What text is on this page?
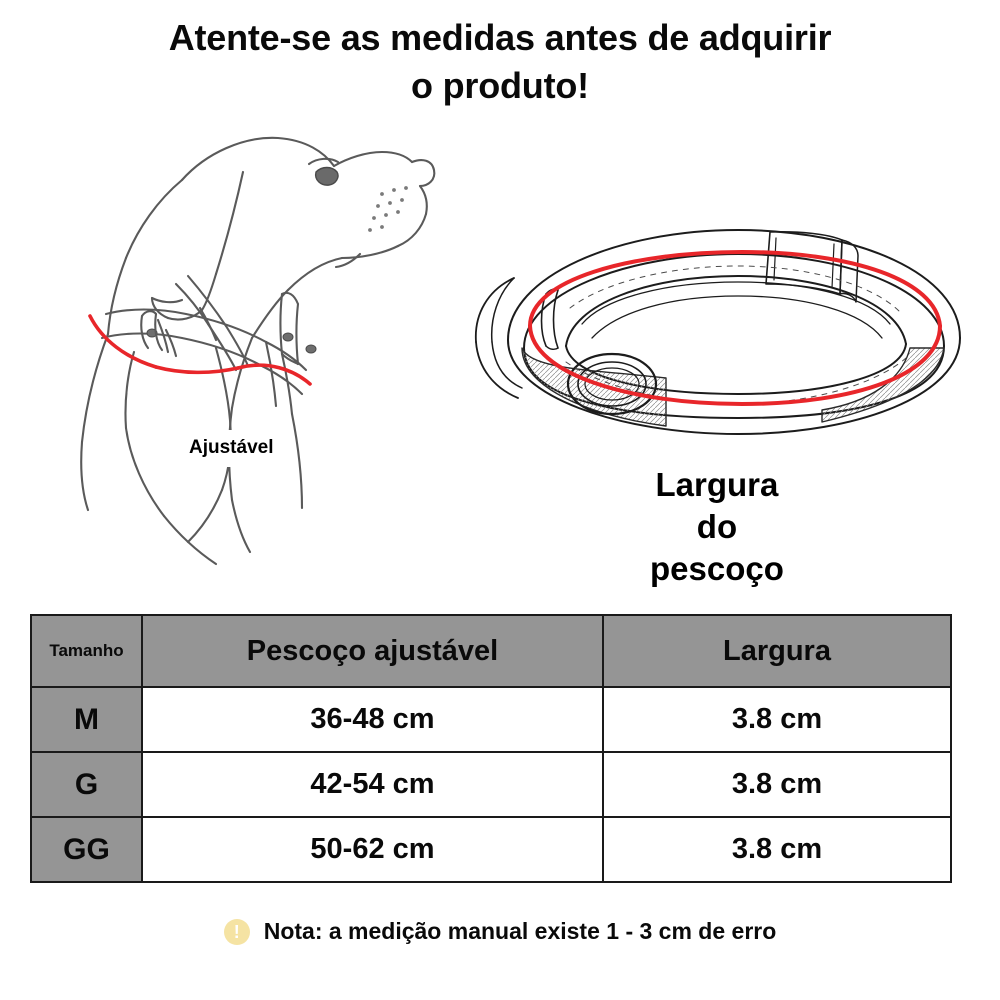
Atente-se as medidas antes de adquirir
o produto!
Ajustável
Largura
do
pescoço
Tamanho	Pescoço ajustável	Largura
M	36-48 cm	3.8 cm
G	42-54 cm	3.8 cm
GG	50-62 cm	3.8 cm
!	Nota: a medição manual existe 1 - 3 cm de erro
